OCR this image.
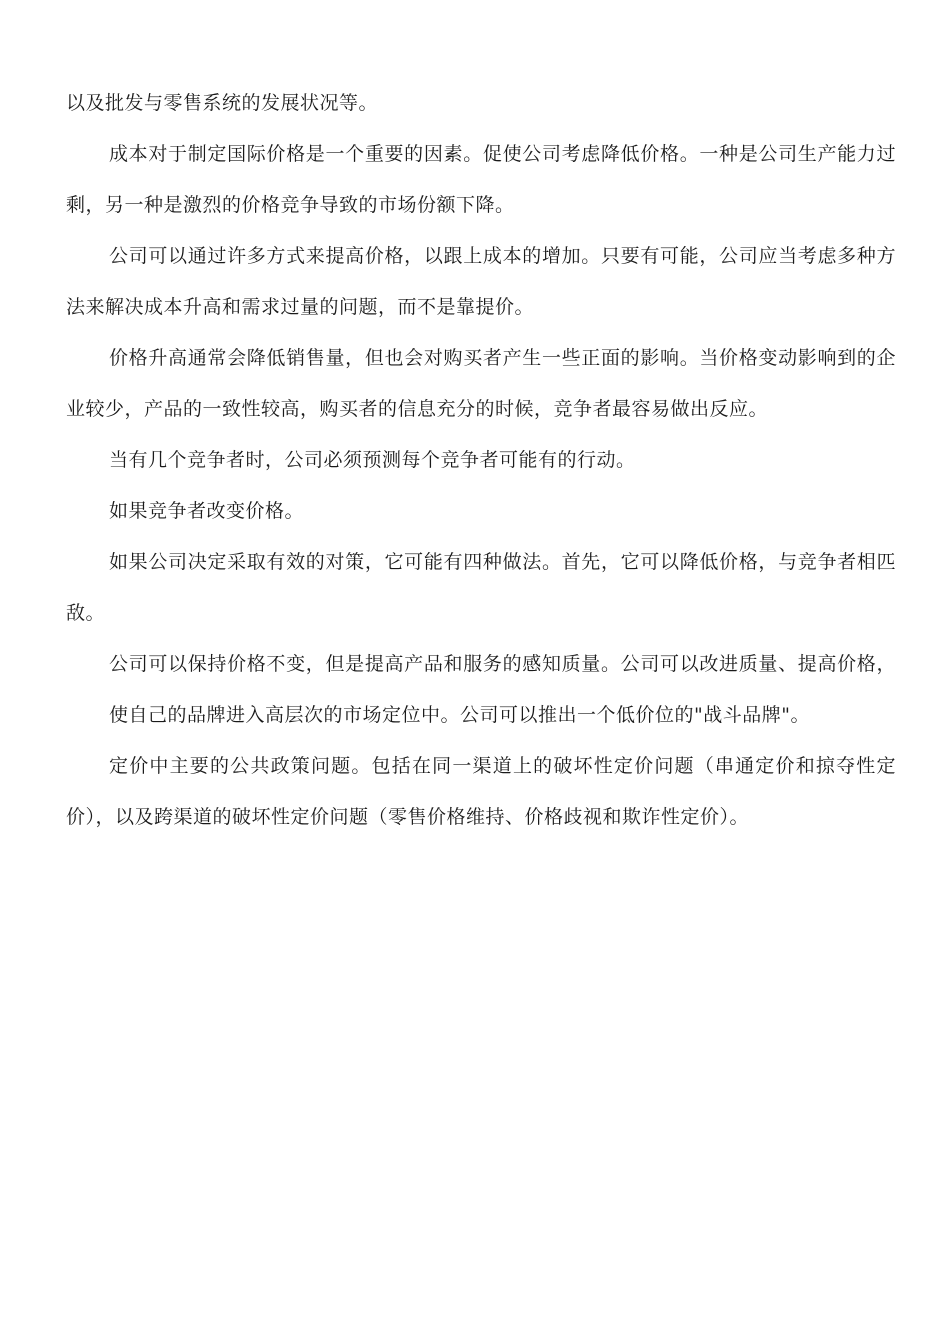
以及批发与零售系统的发展状况等。

成本对于制定国际价格是一个重要的因素。促使公司考虑降低价格。一种是公司生产能力过剩，另一种是激烈的价格竞争导致的市场份额下降。

公司可以通过许多方式来提高价格，以跟上成本的增加。只要有可能，公司应当考虑多种方法来解决成本升高和需求过量的问题，而不是靠提价。

价格升高通常会降低销售量，但也会对购买者产生一些正面的影响。当价格变动影响到的企业较少，产品的一致性较高，购买者的信息充分的时候，竞争者最容易做出反应。

当有几个竞争者时，公司必须预测每个竞争者可能有的行动。

如果竞争者改变价格。

如果公司决定采取有效的对策，它可能有四种做法。首先，它可以降低价格，与竞争者相匹敌。

公司可以保持价格不变，但是提高产品和服务的感知质量。公司可以改进质量、提高价格，使自己的品牌进入高层次的市场定位中。公司可以推出一个低价位的"战斗品牌"。

定价中主要的公共政策问题。包括在同一渠道上的破坏性定价问题（串通定价和掠夺性定价），以及跨渠道的破坏性定价问题（零售价格维持、价格歧视和欺诈性定价）。
